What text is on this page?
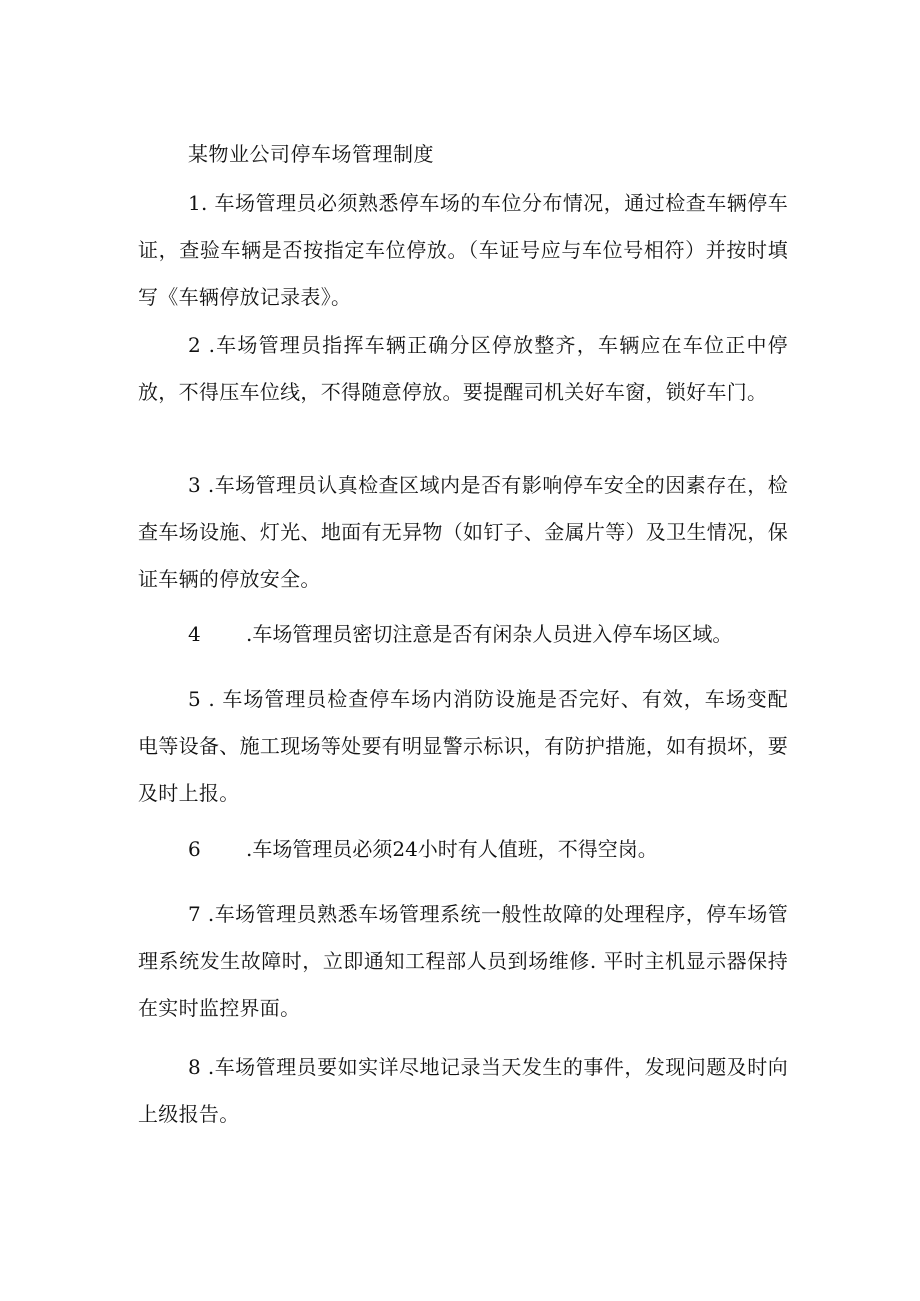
某物业公司停车场管理制度

1. 车场管理员必须熟悉停车场的车位分布情况，通过检查车辆停车证，查验车辆是否按指定车位停放。（车证号应与车位号相符）并按时填写《车辆停放记录表》。

2 .车场管理员指挥车辆正确分区停放整齐，车辆应在车位正中停放，不得压车位线，不得随意停放。要提醒司机关好车窗，锁好车门。

3 .车场管理员认真检查区域内是否有影响停车安全的因素存在，检查车场设施、灯光、地面有无异物（如钉子、金属片等）及卫生情况，保证车辆的停放安全。

4	.车场管理员密切注意是否有闲杂人员进入停车场区域。

5 . 车场管理员检查停车场内消防设施是否完好、有效，车场变配电等设备、施工现场等处要有明显警示标识，有防护措施，如有损坏，要及时上报。

6	.车场管理员必须24小时有人值班，不得空岗。

7 .车场管理员熟悉车场管理系统一般性故障的处理程序，停车场管理系统发生故障时，立即通知工程部人员到场维修. 平时主机显示器保持在实时监控界面。

8 .车场管理员要如实详尽地记录当天发生的事件，发现问题及时向上级报告。
